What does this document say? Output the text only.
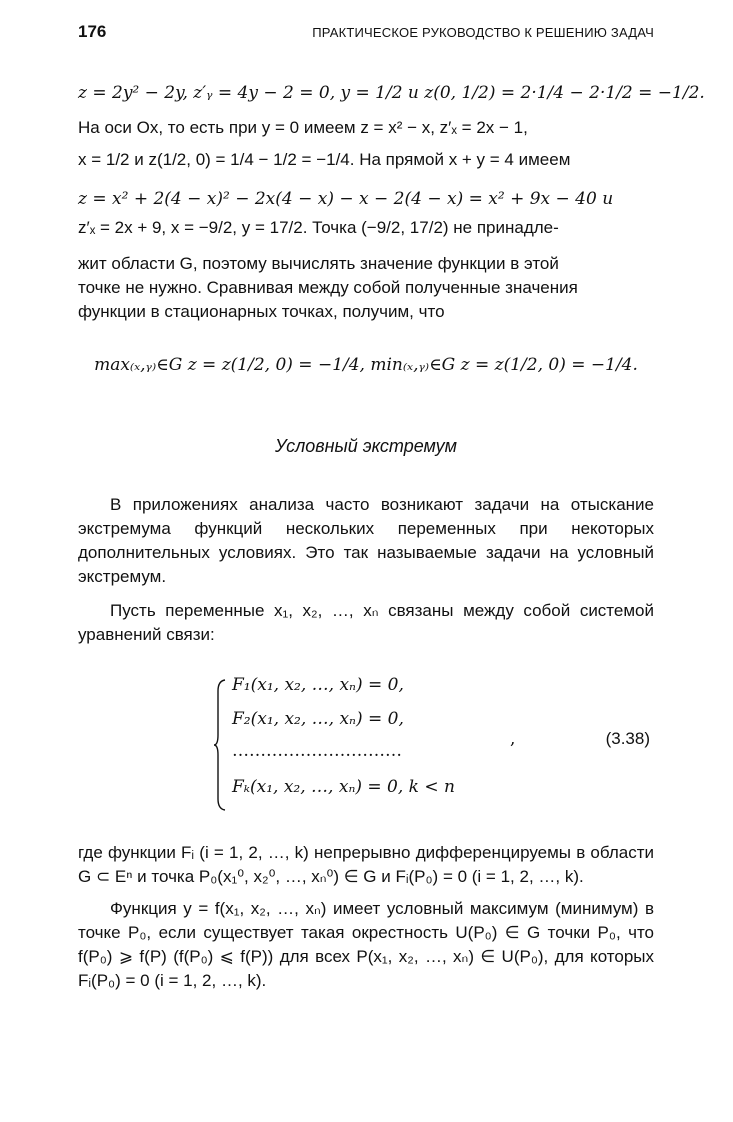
176	ПРАКТИЧЕСКОЕ РУКОВОДСТВО К РЕШЕНИЮ ЗАДАЧ
z = 2y² − 2y, z′ᵧ = 4y − 2 = 0, y = 1/2 и z(0, 1/2) = 2·1/4 − 2·1/2 = −1/2.
На оси Ox, то есть при y = 0 имеем z = x² − x, z′ₓ = 2x − 1,
x = 1/2 и z(1/2, 0) = 1/4 − 1/2 = −1/4. На прямой x + y = 4 имеем
z = x² + 2(4 − x)² − 2x(4 − x) − x − 2(4 − x) = x² + 9x − 40 и
z′ₓ = 2x + 9, x = −9/2, y = 17/2. Точка (−9/2, 17/2) не принадле-
жит области G, поэтому вычислять значение функции в этой
точке не нужно. Сравнивая между собой полученные значения
функции в стационарных точках, получим, что
max₍ₓ,ᵧ₎∈G z = z(1/2, 0) = −1/4, min₍ₓ,ᵧ₎∈G z = z(1/2, 0) = −1/4.
Условный экстремум

В приложениях анализа часто возникают задачи на отыскание экстремума функций нескольких переменных при некоторых дополнительных условиях. Это так называемые задачи на условный экстремум.

Пусть переменные x₁, x₂, …, xₙ связаны между собой системой уравнений связи:

F₁(x₁, x₂, …, xₙ) = 0,
F₂(x₁, x₂, …, xₙ) = 0,
…………………………
Fₖ(x₁, x₂, …, xₙ) = 0, k < n
,	(3.38)

где функции Fᵢ (i = 1, 2, …, k) непрерывно дифференцируемы в области G ⊂ Eⁿ и точка P₀(x₁⁰, x₂⁰, …, xₙ⁰) ∈ G и Fᵢ(P₀) = 0 (i = 1, 2, …, k).

Функция y = f(x₁, x₂, …, xₙ) имеет условный максимум (минимум) в точке P₀, если существует такая окрестность U(P₀) ∈ G точки P₀, что f(P₀) ⩾ f(P) (f(P₀) ⩽ f(P)) для всех P(x₁, x₂, …, xₙ) ∈ U(P₀), для которых Fᵢ(P₀) = 0 (i = 1, 2, …, k).
